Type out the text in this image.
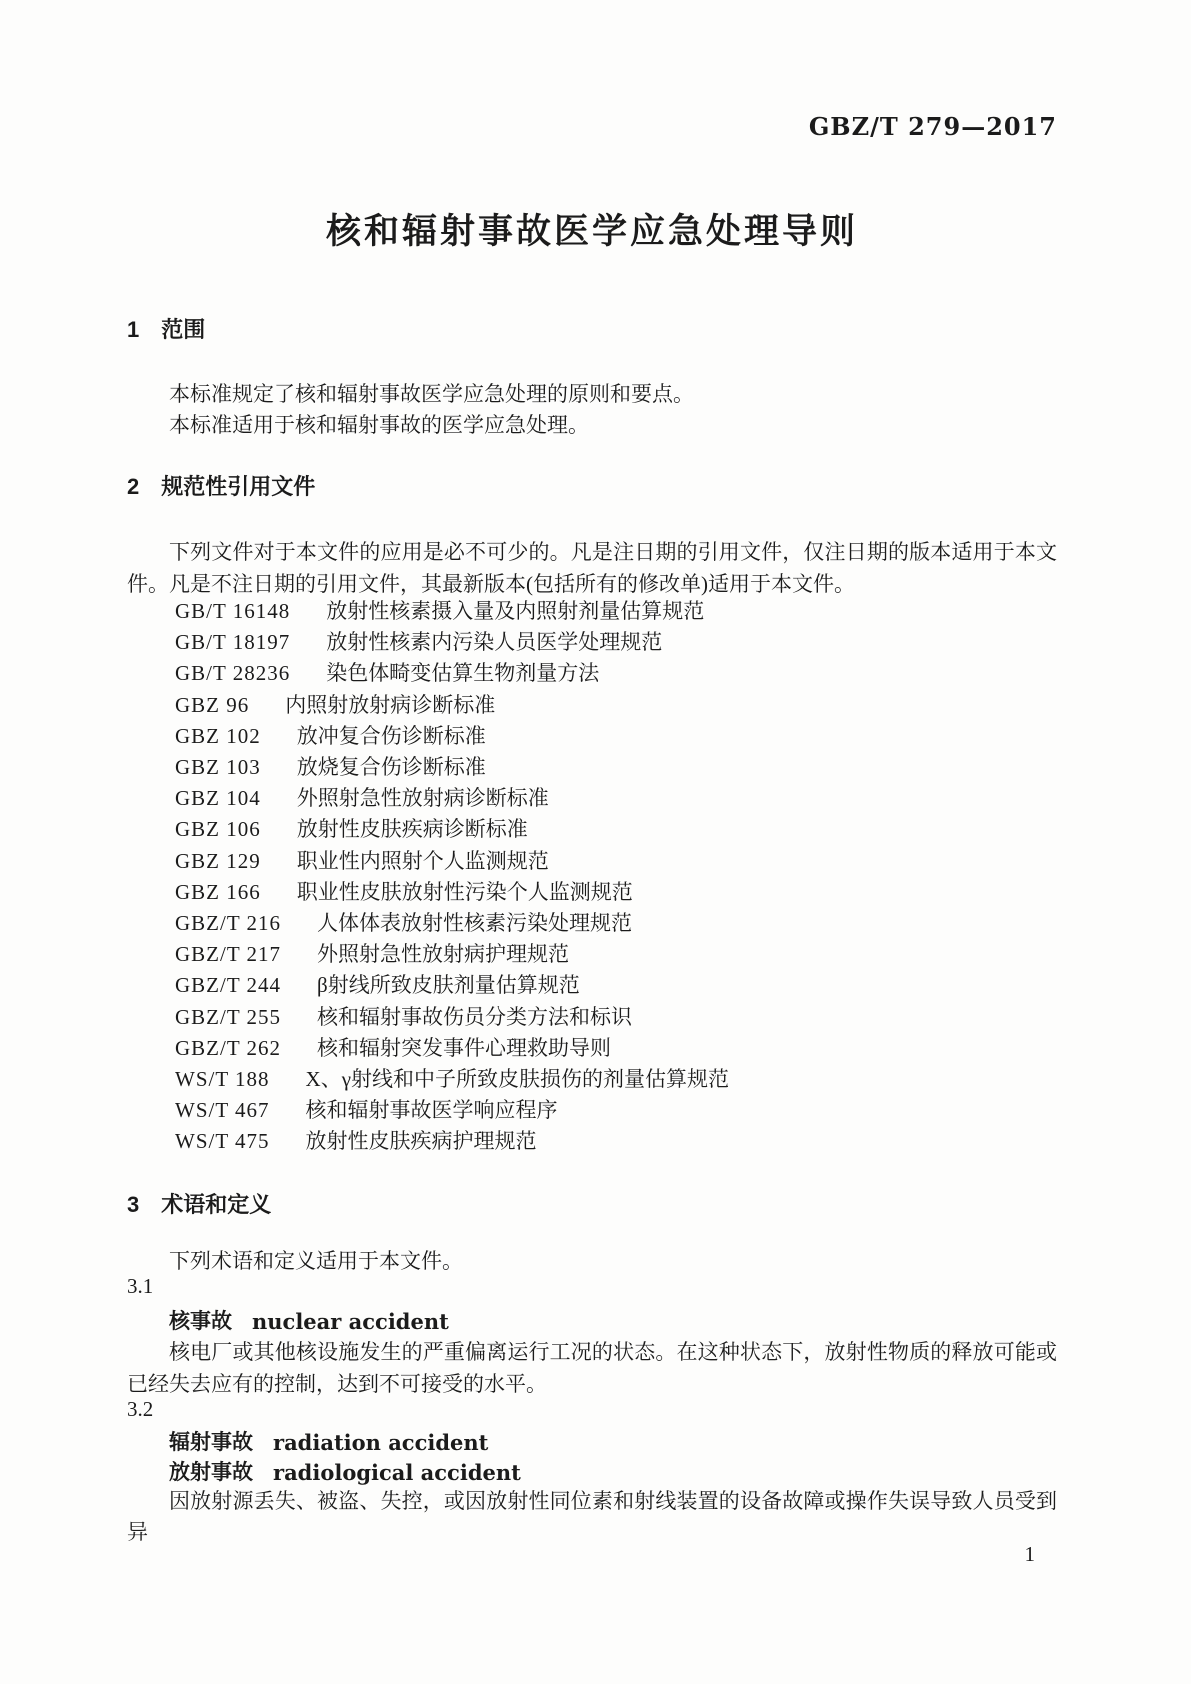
GBZ/T 279—2017
核和辐射事故医学应急处理导则
1 范围

本标准规定了核和辐射事故医学应急处理的原则和要点。

本标准适用于核和辐射事故的医学应急处理。

2 规范性引用文件

下列文件对于本文件的应用是必不可少的。凡是注日期的引用文件，仅注日期的版本适用于本文件。凡是不注日期的引用文件，其最新版本(包括所有的修改单)适用于本文件。

GB/T 16148 放射性核素摄入量及内照射剂量估算规范
GB/T 18197 放射性核素内污染人员医学处理规范
GB/T 28236 染色体畸变估算生物剂量方法
GBZ 96 内照射放射病诊断标准
GBZ 102 放冲复合伤诊断标准
GBZ 103 放烧复合伤诊断标准
GBZ 104 外照射急性放射病诊断标准
GBZ 106 放射性皮肤疾病诊断标准
GBZ 129 职业性内照射个人监测规范
GBZ 166 职业性皮肤放射性污染个人监测规范
GBZ/T 216 人体体表放射性核素污染处理规范
GBZ/T 217 外照射急性放射病护理规范
GBZ/T 244 β射线所致皮肤剂量估算规范
GBZ/T 255 核和辐射事故伤员分类方法和标识
GBZ/T 262 核和辐射突发事件心理救助导则
WS/T 188 X、γ射线和中子所致皮肤损伤的剂量估算规范
WS/T 467 核和辐射事故医学响应程序
WS/T 475 放射性皮肤疾病护理规范
3 术语和定义

下列术语和定义适用于本文件。

3.1
核事故 nuclear accident

核电厂或其他核设施发生的严重偏离运行工况的状态。在这种状态下，放射性物质的释放可能或已经失去应有的控制，达到不可接受的水平。

3.2
辐射事故 radiation accident
放射事故 radiological accident

因放射源丢失、被盗、失控，或因放射性同位素和射线装置的设备故障或操作失误导致人员受到异

1
